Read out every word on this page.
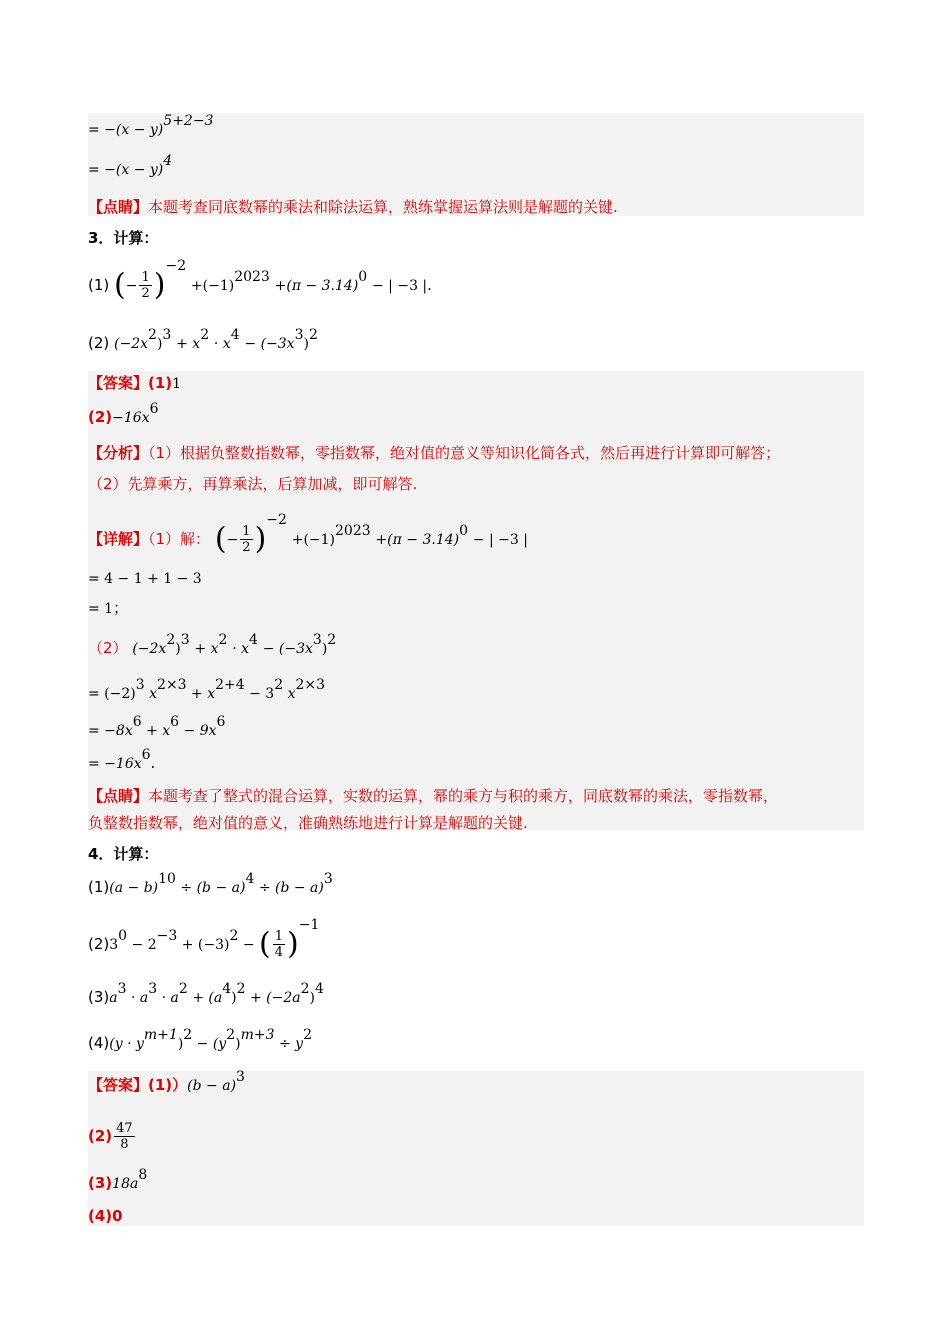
= $-(x - y)^{5+2-3}$
= $-(x - y)^4$
【点睛】本题考查同底数幂的乘法和除法运算，熟练掌握运算法则是解题的关键.
3．计算：
(1) (− $\frac{1}{2} )^{-2} +(-1)^{2023} +(\pi - 3.14)^0$ − | −3 |.
(2) $(-2x^2)^3 + x^2 \cdot x^4 - (-3x^3)^2$
【答案】(1)1
$(2)-16x^6$
【分析】（1）根据负整数指数幂，零指数幂，绝对值的意义等知识化简各式，然后再进行计算即可解答；
（2）先算乘方，再算乘法，后算加减，即可解答.
【详解】（1）解： (− $\frac{1}{2} )^{-2} +(-1)^{2023} +(\pi - 3.14)^0$ − | −3 |
= 4 − 1 + 1 − 3
= 1；
（2） $(-2x^2)^3 + x^2 \cdot x^4 - (-3x^3)^2$
= $(-2)^3$ $x^{2\times 3} + x^{2+4} - 3^2$ $x^{2\times 3}$
= $-8x^6 + x^6 - 9x^6$
= $-16x^6$.
【点睛】本题考查了整式的混合运算，实数的运算，幂的乘方与积的乘方，同底数幂的乘法，零指数幂，
负整数指数幂，绝对值的意义，准确熟练地进行计算是解题的关键.
4．计算：
$(1)(a - b)^{10} \div (b - a)^4 \div (b - a)^3$
$(2)3^0 - 2^{-3} + (-3)^2$ − ( $\frac{1}{4} )^{-1}$
$(3)a^3 \cdot a^3 \cdot a^2 + (a^4)^2 + (-2a^2)^4$
$(4)(y \cdot y^{m+1})^2 - (y^2)^{m+3} \div y^2$
【答案】$(1))(b - a)^3$
$(2) \frac{47}{8}$
$(3)18a^8$
(4)0
